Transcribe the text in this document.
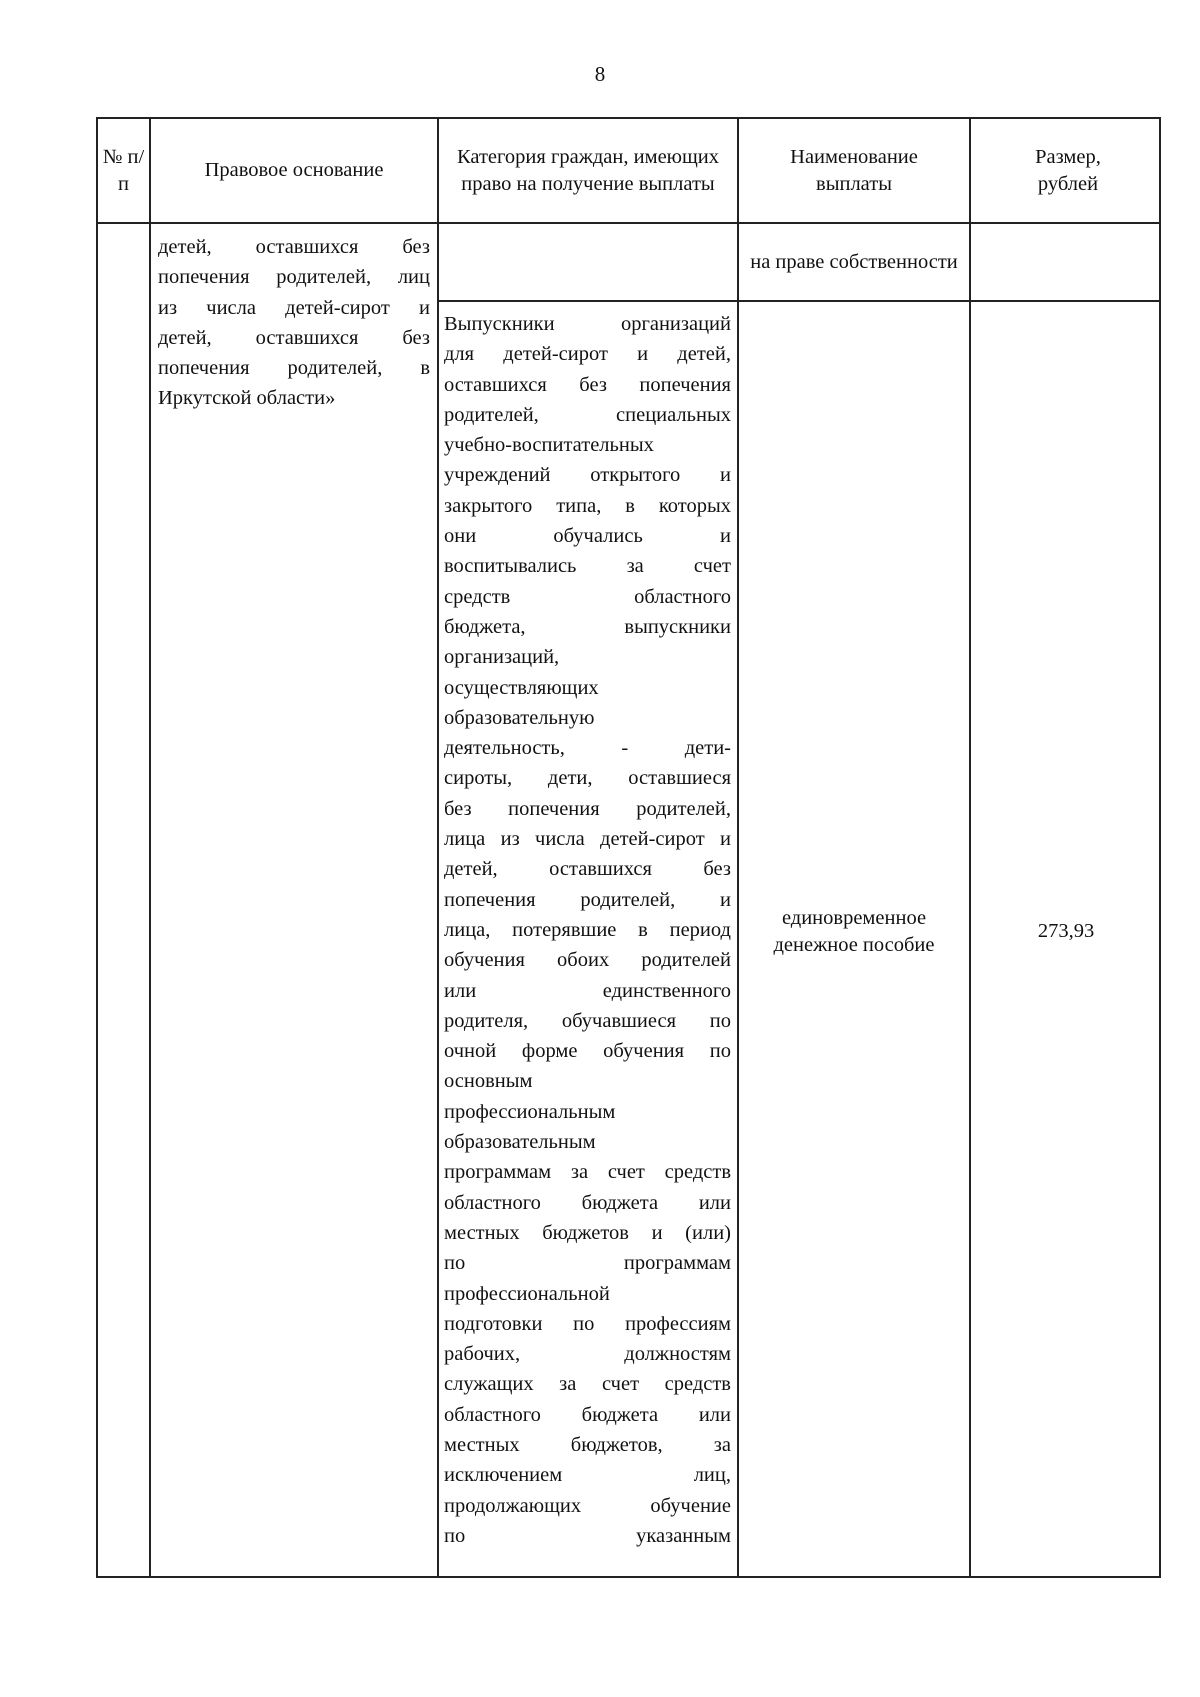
8
№ п/п
Правовое основание
Категория граждан, имеющих право на получение выплаты
Наименование выплаты
Размер, рублей
детей, оставшихся без
попечения родителей, лиц
из числа детей-сирот и
детей, оставшихся без
попечения родителей, в
Иркутской области»
на праве собственности
Выпускники организаций
для детей-сирот и детей,
оставшихся без попечения
родителей, специальных
учебно-воспитательных
учреждений открытого и
закрытого типа, в которых
они обучались и
воспитывались за счет
средств областного
бюджета, выпускники
организаций,
осуществляющих
образовательную
деятельность, - дети-
сироты, дети, оставшиеся
без попечения родителей,
лица из числа детей-сирот и
детей, оставшихся без
попечения родителей, и
лица, потерявшие в период
обучения обоих родителей
или единственного
родителя, обучавшиеся по
очной форме обучения по
основным
профессиональным
образовательным
программам за счет средств
областного бюджета или
местных бюджетов и (или)
по программам
профессиональной
подготовки по профессиям
рабочих, должностям
служащих за счет средств
областного бюджета или
местных бюджетов, за
исключением лиц,
продолжающих обучение
по указанным
единовременное денежное пособие
273,93
